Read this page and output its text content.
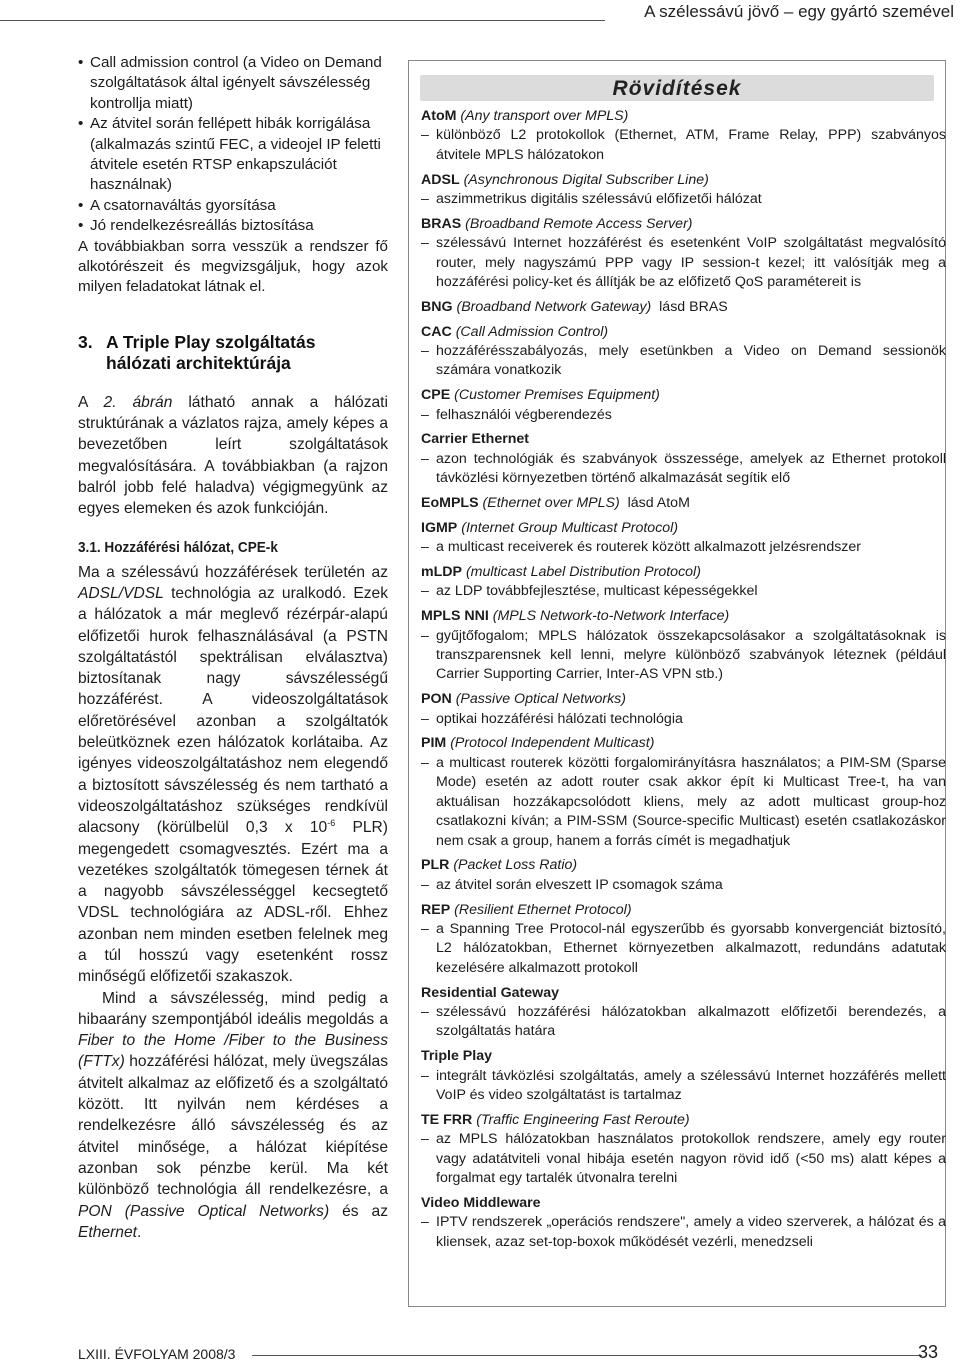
A szélessávú jövő – egy gyártó szemével
• Call admission control (a Video on Demand szolgáltatások által igényelt sávszélesség kontrollja miatt)
• Az átvitel során fellépett hibák korrigálása (alkalmazás szintű FEC, a videojel IP feletti átvitele esetén RTSP enkapszulációt használnak)
• A csatornaváltás gyorsítása
• Jó rendelkezésreállás biztosítása
A továbbiakban sorra vesszük a rendszer fő alkotórészeit és megvizsgáljuk, hogy azok milyen feladatokat látnak el.
3. A Triple Play szolgáltatás
hálózati architektúrája
A 2. ábrán látható annak a hálózati struktúrának a vázlatos rajza, amely képes a bevezetőben leírt szolgáltatások megvalósítására. A továbbiakban (a rajzon balról jobb felé haladva) végigmegyünk az egyes elemeken és azok funkcióján.
3.1. Hozzáférési hálózat, CPE-k
Ma a szélessávú hozzáférések területén az ADSL/VDSL technológia az uralkodó. Ezek a hálózatok a már meglevő rézérpár-alapú előfizetői hurok felhasználásával (a PSTN szolgáltatástól spektrálisan elválasztva) biztosítanak nagy sávszélességű hozzáférést. A videoszolgáltatások előretörésével azonban a szolgáltatók beleütköznek ezen hálózatok korlátaiba. Az igényes videoszolgáltatáshoz nem elegendő a biztosított sávszélesség és nem tartható a videoszolgáltatáshoz szükséges rendkívül alacsony (körülbelül 0,3 x $10^{-6}$ PLR) megengedett csomagvesztés. Ezért ma a vezetékes szolgáltatók tömegesen térnek át a nagyobb sávszélességgel kecsegtető VDSL technológiára az ADSL-ről. Ehhez azonban nem minden esetben felelnek meg a túl hosszú vagy esetenként rossz minőségű előfizetői szakaszok.
Mind a sávszélesség, mind pedig a hibaarány szempontjából ideális megoldás a Fiber to the Home /Fiber to the Business (FTTx) hozzáférési hálózat, mely üvegszálas átvitelt alkalmaz az előfizető és a szolgáltató között. Itt nyilván nem kérdéses a rendelkezésre álló sávszélesség és az átvitel minősége, a hálózat kiépítése azonban sok pénzbe kerül. Ma két különböző technológia áll rendelkezésre, a PON (Passive Optical Networks) és az Ethernet.
Rövidítések
AtoM (Any transport over MPLS)
– különböző L2 protokollok (Ethernet, ATM, Frame Relay, PPP) szabványos átvitele MPLS hálózatokon
ADSL (Asynchronous Digital Subscriber Line)
– aszimmetrikus digitális szélessávú előfizetői hálózat
BRAS (Broadband Remote Access Server)
– szélessávú Internet hozzáférést és esetenként VoIP szolgáltatást megvalósító router, mely nagyszámú PPP vagy IP session-t kezel; itt valósítják meg a hozzáférési policy-ket és állítják be az előfizető QoS paramétereit is
BNG (Broadband Network Gateway) lásd BRAS
CAC (Call Admission Control)
– hozzáférésszabályozás, mely esetünkben a Video on Demand sessionök számára vonatkozik
CPE (Customer Premises Equipment)
– felhasználói végberendezés
Carrier Ethernet
– azon technológiák és szabványok összessége, amelyek az Ethernet protokoll távközlési környezetben történő alkalmazását segítik elő
EoMPLS (Ethernet over MPLS) lásd AtoM
IGMP (Internet Group Multicast Protocol)
– a multicast receiverek és routerek között alkalmazott jelzésrendszer
mLDP (multicast Label Distribution Protocol)
– az LDP továbbfejlesztése, multicast képességekkel
MPLS NNI (MPLS Network-to-Network Interface)
– gyűjtőfogalom; MPLS hálózatok összekapcsolásakor a szolgáltatásoknak is transzparensnek kell lenni, melyre különböző szabványok léteznek (például Carrier Supporting Carrier, Inter-AS VPN stb.)
PON (Passive Optical Networks)
– optikai hozzáférési hálózati technológia
PIM (Protocol Independent Multicast)
– a multicast routerek közötti forgalomirányításra használatos; a PIM-SM (Sparse Mode) esetén az adott router csak akkor épít ki Multicast Tree-t, ha van aktuálisan hozzákapcsolódott kliens, mely az adott multicast group-hoz csatlakozni kíván; a PIM-SSM (Source-specific Multicast) esetén csatlakozáskor nem csak a group, hanem a forrás címét is megadhatjuk
PLR (Packet Loss Ratio)
– az átvitel során elveszett IP csomagok száma
REP (Resilient Ethernet Protocol)
– a Spanning Tree Protocol-nál egyszerűbb és gyorsabb konvergenciát biztosító, L2 hálózatokban, Ethernet környezetben alkalmazott, redundáns adatutak kezelésére alkalmazott protokoll
Residential Gateway
– szélessávú hozzáférési hálózatokban alkalmazott előfizetői berendezés, a szolgáltatás határa
Triple Play
– integrált távközlési szolgáltatás, amely a szélessávú Internet hozzáférés mellett VoIP és video szolgáltatást is tartalmaz
TE FRR (Traffic Engineering Fast Reroute)
– az MPLS hálózatokban használatos protokollok rendszere, amely egy router vagy adatátviteli vonal hibája esetén nagyon rövid idő (<50 ms) alatt képes a forgalmat egy tartalék útvonalra terelni
Video Middleware
– IPTV rendszerek „operációs rendszere", amely a video szerverek, a hálózat és a kliensek, azaz set-top-boxok működését vezérli, menedzseli
LXIII. ÉVFOLYAM 2008/3	33
